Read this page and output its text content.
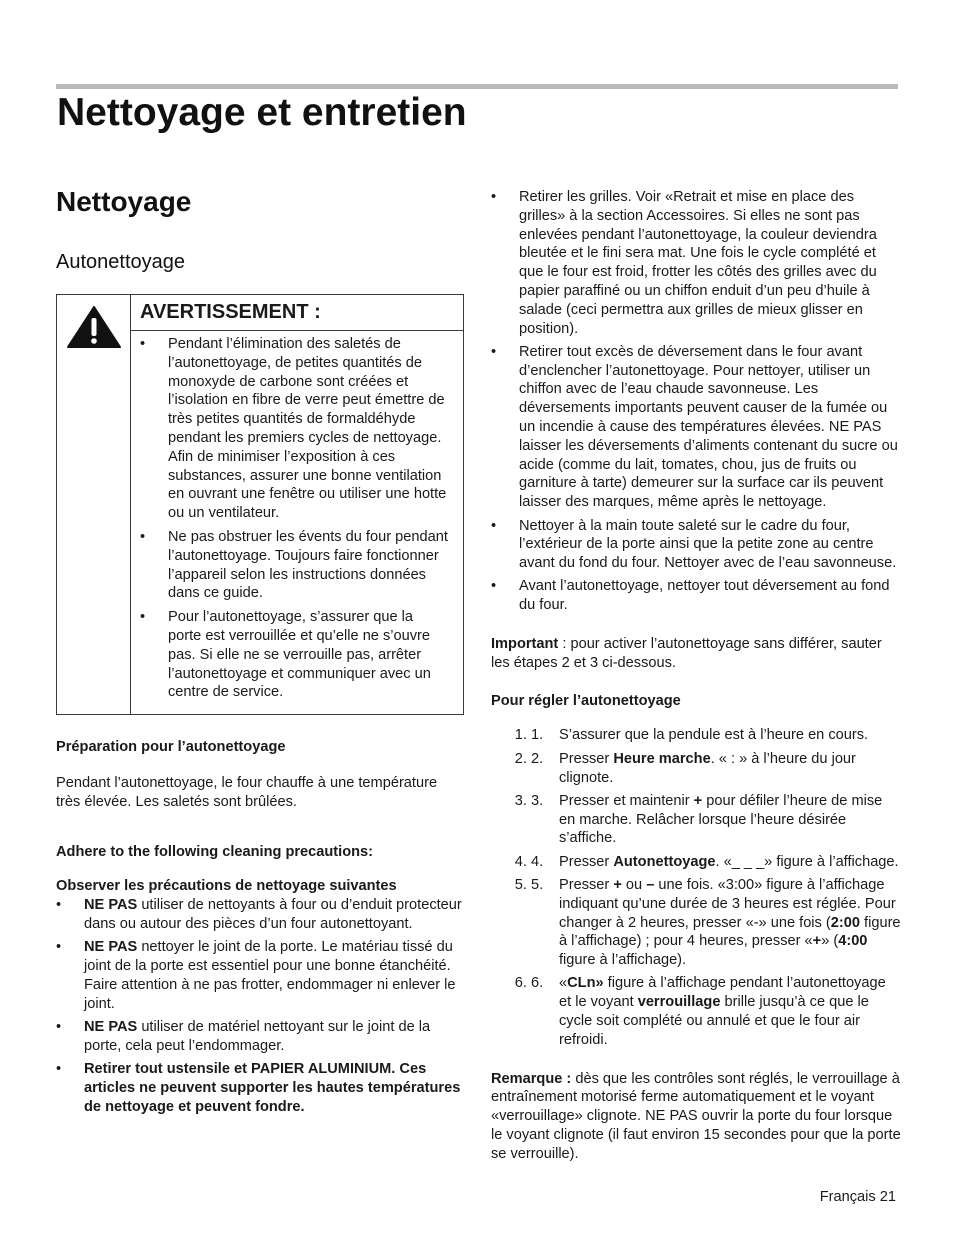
Nettoyage et entretien
Nettoyage
Autonettoyage
AVERTISSEMENT :
• Pendant l’élimination des saletés de l’autonettoyage, de petites quantités de monoxyde de carbone sont créées et l’isolation en fibre de verre peut émettre de très petites quantités de formaldéhyde pendant les premiers cycles de nettoyage. Afin de minimiser l’exposition à ces substances, assurer une bonne ventilation en ouvrant une fenêtre ou utiliser une hotte ou un ventilateur.
• Ne pas obstruer les évents du four pendant l’autonettoyage. Toujours faire fonctionner l’appareil selon les instructions données dans ce guide.
• Pour l’autonettoyage, s’assurer que la porte est verrouillée et qu’elle ne s’ouvre pas. Si elle ne se verrouille pas, arrêter l’autonettoyage et communiquer avec un centre de service.

Préparation pour l’autonettoyage

Pendant l’autonettoyage, le four chauffe à une température très élevée. Les saletés sont brûlées.

Adhere to the following cleaning precautions:

Observer les précautions de nettoyage suivantes

• NE PAS utiliser de nettoyants à four ou d’enduit protecteur dans ou autour des pièces d’un four autonettoyant.
• NE PAS nettoyer le joint de la porte. Le matériau tissé du joint de la porte est essentiel pour une bonne étanchéité. Faire attention à ne pas frotter, endommager ni enlever le joint.
• NE PAS utiliser de matériel nettoyant sur le joint de la porte, cela peut l’endommager.
• Retirer tout ustensile et PAPIER ALUMINIUM. Ces articles ne peuvent supporter les hautes températures de nettoyage et peuvent fondre.
• Retirer les grilles. Voir «Retrait et mise en place des grilles» à la section Accessoires. Si elles ne sont pas enlevées pendant l’autonettoyage, la couleur deviendra bleutée et le fini sera mat. Une fois le cycle complété et que le four est froid, frotter les côtés des grilles avec du papier paraffiné ou un chiffon enduit d’un peu d’huile à salade (ceci permettra aux grilles de mieux glisser en position).
• Retirer tout excès de déversement dans le four avant d’enclencher l’autonettoyage. Pour nettoyer, utiliser un chiffon avec de l’eau chaude savonneuse. Les déversements importants peuvent causer de la fumée ou un incendie à cause des températures élevées. NE PAS laisser les déversements d’aliments contenant du sucre ou acide (comme du lait, tomates, chou, jus de fruits ou garniture à tarte) demeurer sur la surface car ils peuvent laisser des marques, même après le nettoyage.
• Nettoyer à la main toute saleté sur le cadre du four, l’extérieur de la porte ainsi que la petite zone au centre avant du fond du four. Nettoyer avec de l’eau savonneuse.
• Avant l’autonettoyage, nettoyer tout déversement au fond du four.

Important : pour activer l’autonettoyage sans différer, sauter les étapes 2 et 3 ci-dessous.

Pour régler l’autonettoyage

1. 1. S’assurer que la pendule est à l’heure en cours.
2. 2. Presser Heure marche. « : » à l’heure du jour clignote.
3. 3. Presser et maintenir + pour défiler l’heure de mise en marche. Relâcher lorsque l’heure désirée s’affiche.
4. 4. Presser Autonettoyage. «_ _ _» figure à l’affichage.
5. 5. Presser + ou – une fois. «3:00» figure à l’affichage indiquant qu’une durée de 3 heures est réglée. Pour changer à 2 heures, presser «-» une fois (2:00 figure à l’affichage) ; pour 4 heures, presser «+» (4:00 figure à l’affichage).
6. 6. «CLn» figure à l’affichage pendant l’autonettoyage et le voyant verrouillage brille jusqu’à ce que le cycle soit complété ou annulé et que le four air refroidi.

Remarque : dès que les contrôles sont réglés, le verrouillage à entraînement motorisé ferme automatiquement et le voyant «verrouillage» clignote. NE PAS ouvrir la porte du four lorsque le voyant clignote (il faut environ 15 secondes pour que la porte se verrouille).

Français 21
